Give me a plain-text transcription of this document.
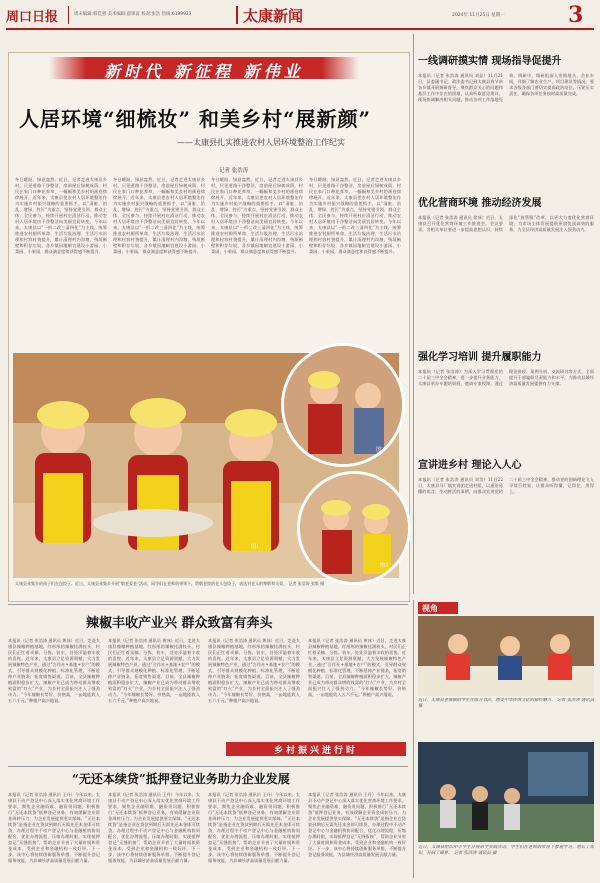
周口日报	周末编辑:韩佳惠 美术编辑:翟軍富 校对:张浩 热线:6199923	太康新闻	2024年 11月25日 星期一	3
新时代 新征程 新伟业
人居环境“细梳妆” 和美乡村“展新颜”
——太康县扎实推进农村人居环境整治工作纪实
记者 张浩涛
冬日暖阳，绿意盎然。近日，记者走进太康县乡村，只见道路干净整洁，房前屋后绿树成荫，村民在家门口种花养草，一幅幅和美乡村的画卷徐徐展开。近年来，太康县把农村人居环境整治作为实施乡村振兴战略的重要抓手，以“清脏、治乱、增绿、控污”为重点，坚持党建引领、群众主体、全民参与，持续开展村庄清洁行动，推动农村人居环境由干净整洁向美丽宜居转变。今年以来，太康县以“一拆二改三清四化”为主线，统筹推进农村厕所革命、生活垃圾治理、生活污水治理和村容村貌提升，累计清理村内沟塘、残垣断壁和积存垃圾，各乡镇因地制宜建设小游园、小菜园、小果园，群众满意度和获得感不断提升。
冬日暖阳，绿意盎然。近日，记者走进太康县乡村，只见道路干净整洁，房前屋后绿树成荫，村民在家门口种花养草，一幅幅和美乡村的画卷徐徐展开。近年来，太康县把农村人居环境整治作为实施乡村振兴战略的重要抓手，以“清脏、治乱、增绿、控污”为重点，坚持党建引领、群众主体、全民参与，持续开展村庄清洁行动，推动农村人居环境由干净整洁向美丽宜居转变。今年以来，太康县以“一拆二改三清四化”为主线，统筹推进农村厕所革命、生活垃圾治理、生活污水治理和村容村貌提升，累计清理村内沟塘、残垣断壁和积存垃圾，各乡镇因地制宜建设小游园、小菜园、小果园，群众满意度和获得感不断提升。
冬日暖阳，绿意盎然。近日，记者走进太康县乡村，只见道路干净整洁，房前屋后绿树成荫，村民在家门口种花养草，一幅幅和美乡村的画卷徐徐展开。近年来，太康县把农村人居环境整治作为实施乡村振兴战略的重要抓手，以“清脏、治乱、增绿、控污”为重点，坚持党建引领、群众主体、全民参与，持续开展村庄清洁行动，推动农村人居环境由干净整洁向美丽宜居转变。今年以来，太康县以“一拆二改三清四化”为主线，统筹推进农村厕所革命、生活垃圾治理、生活污水治理和村容村貌提升，累计清理村内沟塘、残垣断壁和积存垃圾，各乡镇因地制宜建设小游园、小菜园、小果园，群众满意度和获得感不断提升。
冬日暖阳，绿意盎然。近日，记者走进太康县乡村，只见道路干净整洁，房前屋后绿树成荫，村民在家门口种花养草，一幅幅和美乡村的画卷徐徐展开。近年来，太康县把农村人居环境整治作为实施乡村振兴战略的重要抓手，以“清脏、治乱、增绿、控污”为重点，坚持党建引领、群众主体、全民参与，持续开展村庄清洁行动，推动农村人居环境由干净整洁向美丽宜居转变。今年以来，太康县以“一拆二改三清四化”为主线，统筹推进农村厕所革命、生活垃圾治理、生活污水治理和村容村貌提升，累计清理村内沟塘、残垣断壁和积存垃圾，各乡镇因地制宜建设小游园、小菜园、小果园，群众满意度和获得感不断提升。
图1
图2
图3
太康县张集乡的孩子们在包饺子，近日，太康县张集乡开展“敬老爱老”活动，同学们在老师的带领下，给敬老院的老人包饺子，表达对老人的尊敬和关爱。 记者 张浩涛 张集 摄
一线调研摸实情 现场指导促提升
本报讯（记者 张浩涛 通讯员 刘显）11月21日，县委副书记、政法委书记到太康县春节前各乡镇开展调研督导，聚焦群众关心的问题和基层工作中存在的困难，认真听取意见建议，现场协调解决相关问题，推动各项工作落地见效。调研中，调研组深入田间地头、企业车间，详细了解农业生产、项目建设等情况，要求各级各部门要切实提高政治站位，压紧压实责任，确保各项任务按时高质量完成。
优化营商环境 推动经济发展
本报讯（记者 张浩涛 通讯员 徐冰）近日，太康县召开优化营商环境工作推进会。会议要求，各相关单位要进一步提高思想认识，持续深化“放管服”改革，以更大力度优化营商环境，为市场主体发展提供更加优质高效的服务，为全县经济高质量发展注入强劲动力。
强化学习培训 提升履职能力
本报讯（记者 张浩涛）为深入学习贯彻党的二十届三中全会精神，进一步提升业务能力，太康县举办专题培训班，邀请专家授课，通过理论讲授、案例分析、交流研讨等方式，全面提升干部履职尽责能力和水平，为推动县域经济高质量发展提供有力支撑。
宣讲进乡村 理论入人心
本报讯（记者 张浩涛 通讯员 刘昊）11月22日，太康县马厂镇宣讲团走进村组，以通俗易懂的语言、生动鲜活的事例，向群众宣讲党的二十届三中全会精神，推动党的创新理论飞入寻常百姓家，让群众听得懂、记得住、用得上。
辣椒丰收产业兴 群众致富有奔头
本报讯（记者 张浩涛 通讯员 黄冰）近日，走进太康县辣椒种植基地，红彤彤的辣椒挂满枝头，村民们正忙着采摘、分拣、装车，处处洋溢着丰收的喜悦。近年来，太康县立足资源禀赋，大力发展辣椒特色产业，通过“合作社+基地+农户”的模式，引导群众规模化种植、标准化管理，不断延伸产业链条，拓宽销售渠道。目前，全县辣椒种植面积稳步扩大，辣椒产业已成为带动群众增收致富的“红火”产业，为乡村全面振兴注入了强劲动力。“今年辣椒长势好、价格高，一亩地能收入五六千元。”种植户高兴地说。
本报讯（记者 张浩涛 通讯员 黄冰）近日，走进太康县辣椒种植基地，红彤彤的辣椒挂满枝头，村民们正忙着采摘、分拣、装车，处处洋溢着丰收的喜悦。近年来，太康县立足资源禀赋，大力发展辣椒特色产业，通过“合作社+基地+农户”的模式，引导群众规模化种植、标准化管理，不断延伸产业链条，拓宽销售渠道。目前，全县辣椒种植面积稳步扩大，辣椒产业已成为带动群众增收致富的“红火”产业，为乡村全面振兴注入了强劲动力。“今年辣椒长势好、价格高，一亩地能收入五六千元。”种植户高兴地说。
本报讯（记者 张浩涛 通讯员 黄冰）近日，走进太康县辣椒种植基地，红彤彤的辣椒挂满枝头，村民们正忙着采摘、分拣、装车，处处洋溢着丰收的喜悦。近年来，太康县立足资源禀赋，大力发展辣椒特色产业，通过“合作社+基地+农户”的模式，引导群众规模化种植、标准化管理，不断延伸产业链条，拓宽销售渠道。目前，全县辣椒种植面积稳步扩大，辣椒产业已成为带动群众增收致富的“红火”产业，为乡村全面振兴注入了强劲动力。“今年辣椒长势好、价格高，一亩地能收入五六千元。”种植户高兴地说。
本报讯（记者 张浩涛 通讯员 黄冰）近日，走进太康县辣椒种植基地，红彤彤的辣椒挂满枝头，村民们正忙着采摘、分拣、装车，处处洋溢着丰收的喜悦。近年来，太康县立足资源禀赋，大力发展辣椒特色产业，通过“合作社+基地+农户”的模式，引导群众规模化种植、标准化管理，不断延伸产业链条，拓宽销售渠道。目前，全县辣椒种植面积稳步扩大，辣椒产业已成为带动群众增收致富的“红火”产业，为乡村全面振兴注入了强劲动力。“今年辣椒长势好、价格高，一亩地能收入五六千元。”种植户高兴地说。
乡村振兴进行时
“无还本续贷”抵押登记业务助力企业发展
本报讯（记者 张浩涛 通讯员 王丹）今年以来，太康县不动产登记中心深入落实优化营商环境工作要求，聚焦企业融资难、融资贵问题，积极推行“无还本续贷”抵押登记业务，有效缓解企业资金周转压力，为企业发展提供坚实保障。“无还本续贷”是指企业在贷款到期后无需先还本金即可续贷，办理过程中不动产登记中心与金融机构协同配合，优化办理流程，压缩办理时限，实现抵押登记“无缝衔接”，帮助企业节省了大量时间和资金成本，受到企业和金融机构一致好评。下一步，该中心将持续创新服务举措，不断提升登记服务效能，为县域经济高质量发展贡献力量。
本报讯（记者 张浩涛 通讯员 王丹）今年以来，太康县不动产登记中心深入落实优化营商环境工作要求，聚焦企业融资难、融资贵问题，积极推行“无还本续贷”抵押登记业务，有效缓解企业资金周转压力，为企业发展提供坚实保障。“无还本续贷”是指企业在贷款到期后无需先还本金即可续贷，办理过程中不动产登记中心与金融机构协同配合，优化办理流程，压缩办理时限，实现抵押登记“无缝衔接”，帮助企业节省了大量时间和资金成本，受到企业和金融机构一致好评。下一步，该中心将持续创新服务举措，不断提升登记服务效能，为县域经济高质量发展贡献力量。
本报讯（记者 张浩涛 通讯员 王丹）今年以来，太康县不动产登记中心深入落实优化营商环境工作要求，聚焦企业融资难、融资贵问题，积极推行“无还本续贷”抵押登记业务，有效缓解企业资金周转压力，为企业发展提供坚实保障。“无还本续贷”是指企业在贷款到期后无需先还本金即可续贷，办理过程中不动产登记中心与金融机构协同配合，优化办理流程，压缩办理时限，实现抵押登记“无缝衔接”，帮助企业节省了大量时间和资金成本，受到企业和金融机构一致好评。下一步，该中心将持续创新服务举措，不断提升登记服务效能，为县域经济高质量发展贡献力量。
本报讯（记者 张浩涛 通讯员 王丹）今年以来，太康县不动产登记中心深入落实优化营商环境工作要求，聚焦企业融资难、融资贵问题，积极推行“无还本续贷”抵押登记业务，有效缓解企业资金周转压力，为企业发展提供坚实保障。“无还本续贷”是指企业在贷款到期后无需先还本金即可续贷，办理过程中不动产登记中心与金融机构协同配合，优化办理流程，压缩办理时限，实现抵押登记“无缝衔接”，帮助企业节省了大量时间和资金成本，受到企业和金融机构一致好评。下一步，该中心将持续创新服务举措，不断提升登记服务效能，为县域经济高质量发展贡献力量。
视角
近日，太康县老城镇的学生在练习书法，感受中华传统文化的独特魅力。 记者 张浩涛 通讯员 摄
近日，太康县组织中小学生开展研学实践活动，学生们在老师的带领下参观学习，增长了知识，开阔了眼界。 记者 张浩涛 通讯员 摄
